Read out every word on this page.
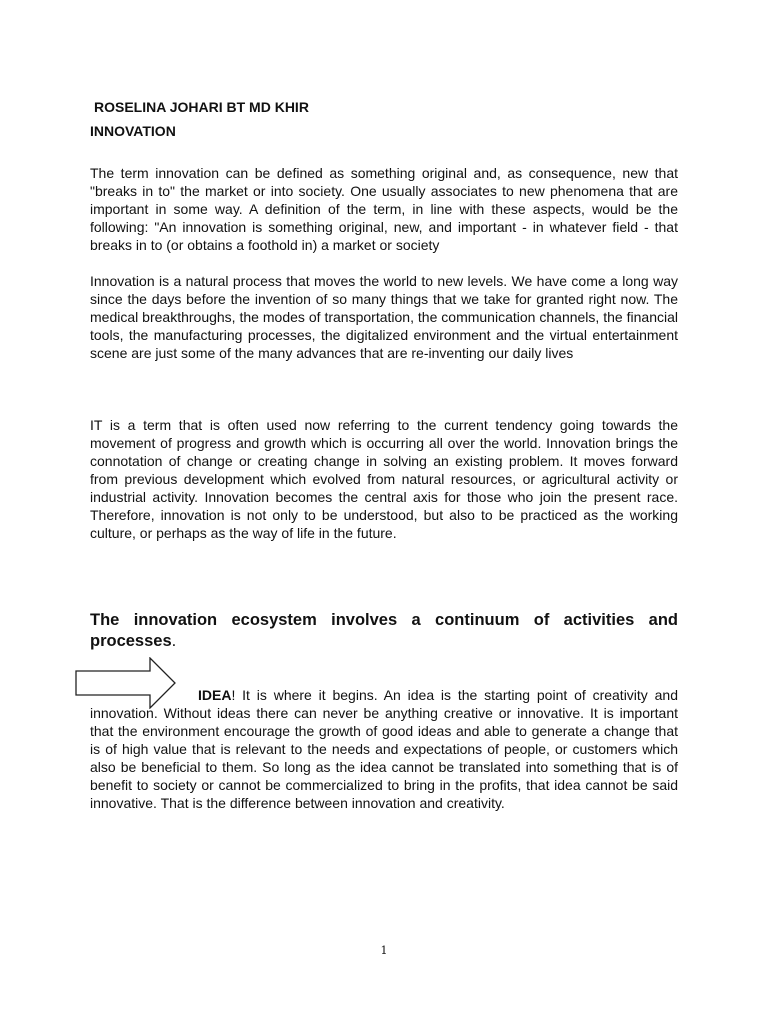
ROSELINA JOHARI BT MD KHIR

INNOVATION

The term innovation can be defined as something original and, as consequence, new that "breaks in to" the market or into society. One usually associates to new phenomena that are important in some way. A definition of the term, in line with these aspects, would be the following: "An innovation is something original, new, and important - in whatever field - that breaks in to (or obtains a foothold in) a market or society

Innovation is a natural process that moves the world to new levels. We have come a long way since the days before the invention of so many things that we take for granted right now. The medical breakthroughs, the modes of transportation, the communication channels, the financial tools, the manufacturing processes, the digitalized environment and the virtual entertainment scene are just some of the many advances that are re-inventing our daily lives

IT is a term that is often used now referring to the current tendency going towards the movement of progress and growth which is occurring all over the world. Innovation brings the connotation of change or creating change in solving an existing problem. It moves forward from previous development which evolved from natural resources, or agricultural activity or industrial activity. Innovation becomes the central axis for those who join the present race. Therefore, innovation is not only to be understood, but also to be practiced as the working culture, or perhaps as the way of life in the future.

The innovation ecosystem involves a continuum of activities and processes.

IDEA! It is where it begins. An idea is the starting point of creativity and innovation. Without ideas there can never be anything creative or innovative. It is important that the environment encourage the growth of good ideas and able to generate a change that is of high value that is relevant to the needs and expectations of people, or customers which also be beneficial to them. So long as the idea cannot be translated into something that is of benefit to society or cannot be commercialized to bring in the profits, that idea cannot be said innovative. That is the difference between innovation and creativity.

1
